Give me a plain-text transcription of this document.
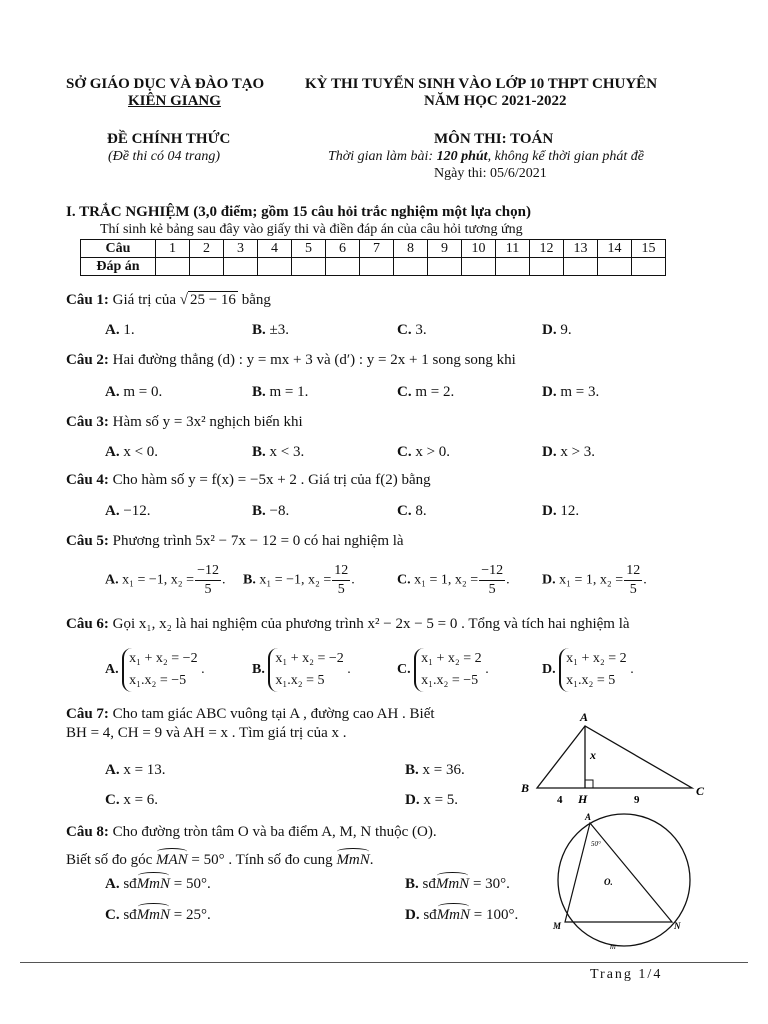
SỞ GIÁO DỤC VÀ ĐÀO TẠO
KIÊN GIANG
KỲ THI TUYỂN SINH VÀO LỚP 10 THPT CHUYÊN
NĂM HỌC 2021-2022
ĐỀ CHÍNH THỨC
(Đề thi có 04 trang)
MÔN THI: TOÁN
Thời gian làm bài: 120 phút, không kể thời gian phát đề
Ngày thi: 05/6/2021
I. TRẮC NGHIỆM (3,0 điểm; gồm 15 câu hỏi trắc nghiệm một lựa chọn)
Thí sinh kẻ bảng sau đây vào giấy thi và điền đáp án của câu hỏi tương ứng
Câu	1	2	3	4	5	6	7	8	9	10	11	12	13	14	15
Đáp án															
Câu 1: Giá trị của √ 25 − 16 bằng
A. 1.	B. ±3.	C. 3.	D. 9.
Câu 2: Hai đường thẳng (d) : y = mx + 3 và (d′) : y = 2x + 1 song song khi
A. m = 0.	B. m = 1.	C. m = 2.	D. m = 3.
Câu 3: Hàm số y = 3x² nghịch biến khi
A. x < 0.	B. x < 3.	C. x > 0.	D. x > 3.
Câu 4: Cho hàm số y = f(x) = −5x + 2 . Giá trị của f(2) bằng
A. −12.	B. −8.	C. 8.	D. 12.
Câu 5: Phương trình 5x² − 7x − 12 = 0 có hai nghiệm là
A. x₁ = −1, $x_2 = \frac{-12}{5}$ . B. x₁ = −1, $x_2 = \frac{12}{5}$ .	C. x₁ = 1, $x_2 = \frac{-12}{5}$ . D. x₁ = 1, $x_2 = \frac{12}{5}$ .
Câu 6: Gọi x₁, x₂ là hai nghiệm của phương trình x² − 2x − 5 = 0 . Tổng và tích hai nghiệm là
A. x₁ + x₂ = −2
x₁.x₂ = −5 .	B. x₁ + x₂ = −2
x₁.x₂ = 5 .	C. x₁ + x₂ = 2
x₁.x₂ = −5 .	D. x₁ + x₂ = 2
x₁.x₂ = 5 .
Câu 7: Cho tam giác ABC vuông tại A , đường cao AH . Biết
BH = 4, CH = 9 và AH = x . Tìm giá trị của x .
A. x = 13.	B. x = 36.
C. x = 6.	D. x = 5.
A
B	C
H
x
4	9
Câu 8: Cho đường tròn tâm O và ba điểm A, M, N thuộc (O).
Biết số đo góc MAN = 50° . Tính số đo cung MmN.
A. sđMmN = 50°.	B. sđMmN = 30°.
C. sđMmN = 25°.	D. sđMmN = 100°.
A
M	N
O.
m
50°
Trang 1/4
